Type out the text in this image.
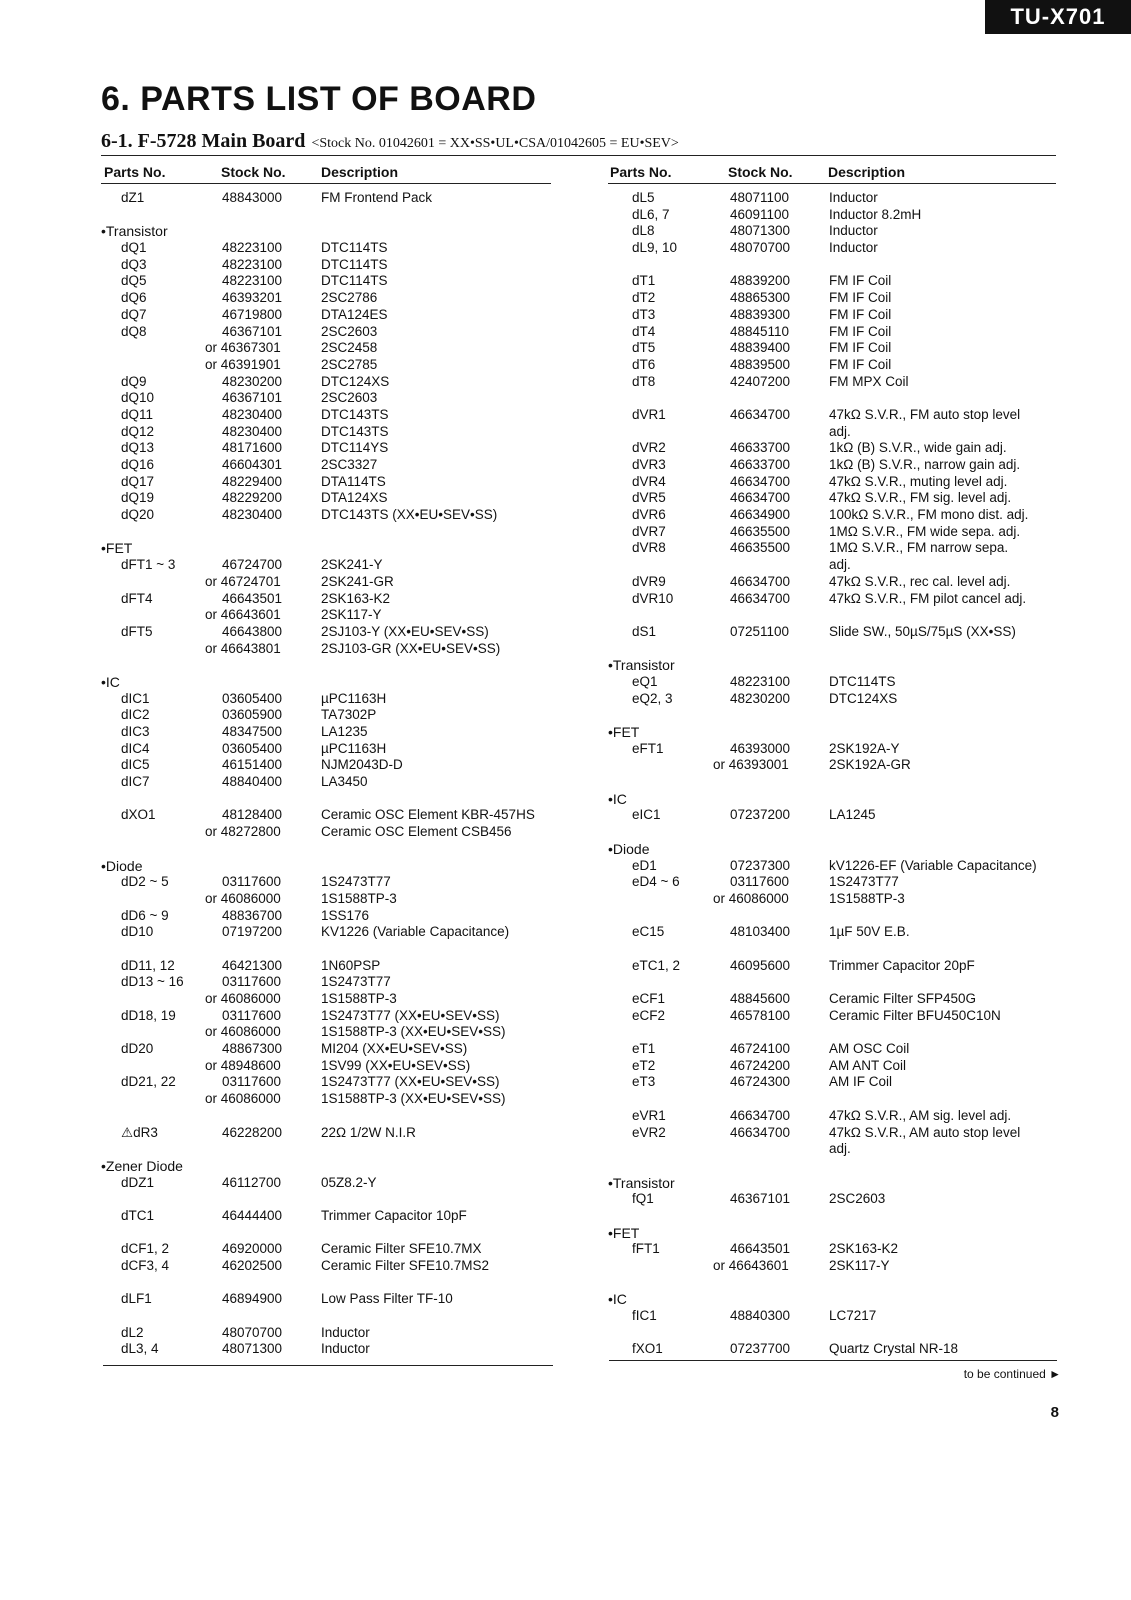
TU-X701
6. PARTS LIST OF BOARD
6-1. F-5728 Main Board <Stock No. 01042601 = XX•SS•UL•CSA/01042605 = EU•SEV>
Parts No.	Stock No.	Description
dZ1	48843000	FM Frontend Pack
•Transistor
dQ1	48223100	DTC114TS
dQ3	48223100	DTC114TS
dQ5	48223100	DTC114TS
dQ6	46393201	2SC2786
dQ7	46719800	DTA124ES
dQ8	46367101	2SC2603
or 46367301	2SC2458
or 46391901	2SC2785
dQ9	48230200	DTC124XS
dQ10	46367101	2SC2603
dQ11	48230400	DTC143TS
dQ12	48230400	DTC143TS
dQ13	48171600	DTC114YS
dQ16	46604301	2SC3327
dQ17	48229400	DTA114TS
dQ19	48229200	DTA124XS
dQ20	48230400	DTC143TS (XX•EU•SEV•SS)
•FET
dFT1 ~ 3	46724700	2SK241-Y
or 46724701	2SK241-GR
dFT4	46643501	2SK163-K2
or 46643601	2SK117-Y
dFT5	46643800	2SJ103-Y (XX•EU•SEV•SS)
or 46643801	2SJ103-GR (XX•EU•SEV•SS)
•IC
dIC1	03605400	µPC1163H
dIC2	03605900	TA7302P
dIC3	48347500	LA1235
dIC4	03605400	µPC1163H
dIC5	46151400	NJM2043D-D
dIC7	48840400	LA3450
dXO1	48128400	Ceramic OSC Element KBR-457HS
or 48272800	Ceramic OSC Element CSB456
•Diode
dD2 ~ 5	03117600	1S2473T77
or 46086000	1S1588TP-3
dD6 ~ 9	48836700	1SS176
dD10	07197200	KV1226 (Variable Capacitance)
dD11, 12	46421300	1N60PSP
dD13 ~ 16	03117600	1S2473T77
or 46086000	1S1588TP-3
dD18, 19	03117600	1S2473T77 (XX•EU•SEV•SS)
or 46086000	1S1588TP-3 (XX•EU•SEV•SS)
dD20	48867300	MI204 (XX•EU•SEV•SS)
or 48948600	1SV99 (XX•EU•SEV•SS)
dD21, 22	03117600	1S2473T77 (XX•EU•SEV•SS)
or 46086000	1S1588TP-3 (XX•EU•SEV•SS)
⚠dR3	46228200	22Ω 1/2W N.I.R
•Zener Diode
dDZ1	46112700	05Z8.2-Y
dTC1	46444400	Trimmer Capacitor 10pF
dCF1, 2	46920000	Ceramic Filter SFE10.7MX
dCF3, 4	46202500	Ceramic Filter SFE10.7MS2
dLF1	46894900	Low Pass Filter TF-10
dL2	48070700	Inductor
dL3, 4	48071300	Inductor
Parts No.	Stock No.	Description
dL5	48071100	Inductor
dL6, 7	46091100	Inductor 8.2mH
dL8	48071300	Inductor
dL9, 10	48070700	Inductor
dT1	48839200	FM IF Coil
dT2	48865300	FM IF Coil
dT3	48839300	FM IF Coil
dT4	48845110	FM IF Coil
dT5	48839400	FM IF Coil
dT6	48839500	FM IF Coil
dT8	42407200	FM MPX Coil
dVR1	46634700	47kΩ S.V.R., FM auto stop level
adj.
dVR2	46633700	1kΩ (B) S.V.R., wide gain adj.
dVR3	46633700	1kΩ (B) S.V.R., narrow gain adj.
dVR4	46634700	47kΩ S.V.R., muting level adj.
dVR5	46634700	47kΩ S.V.R., FM sig. level adj.
dVR6	46634900	100kΩ S.V.R., FM mono dist. adj.
dVR7	46635500	1MΩ S.V.R., FM wide sepa. adj.
dVR8	46635500	1MΩ S.V.R., FM narrow sepa.
adj.
dVR9	46634700	47kΩ S.V.R., rec cal. level adj.
dVR10	46634700	47kΩ S.V.R., FM pilot cancel adj.
dS1	07251100	Slide SW., 50µS/75µS (XX•SS)
•Transistor
eQ1	48223100	DTC114TS
eQ2, 3	48230200	DTC124XS
•FET
eFT1	46393000	2SK192A-Y
or 46393001	2SK192A-GR
•IC
eIC1	07237200	LA1245
•Diode
eD1	07237300	kV1226-EF (Variable Capacitance)
eD4 ~ 6	03117600	1S2473T77
or 46086000	1S1588TP-3
eC15	48103400	1µF 50V E.B.
eTC1, 2	46095600	Trimmer Capacitor 20pF
eCF1	48845600	Ceramic Filter SFP450G
eCF2	46578100	Ceramic Filter BFU450C10N
eT1	46724100	AM OSC Coil
eT2	46724200	AM ANT Coil
eT3	46724300	AM IF Coil
eVR1	46634700	47kΩ S.V.R., AM sig. level adj.
eVR2	46634700	47kΩ S.V.R., AM auto stop level
adj.
•Transistor
fQ1	46367101	2SC2603
•FET
fFT1	46643501	2SK163-K2
or 46643601	2SK117-Y
•IC
fIC1	48840300	LC7217
fXO1	07237700	Quartz Crystal NR-18
to be continued ►
8
